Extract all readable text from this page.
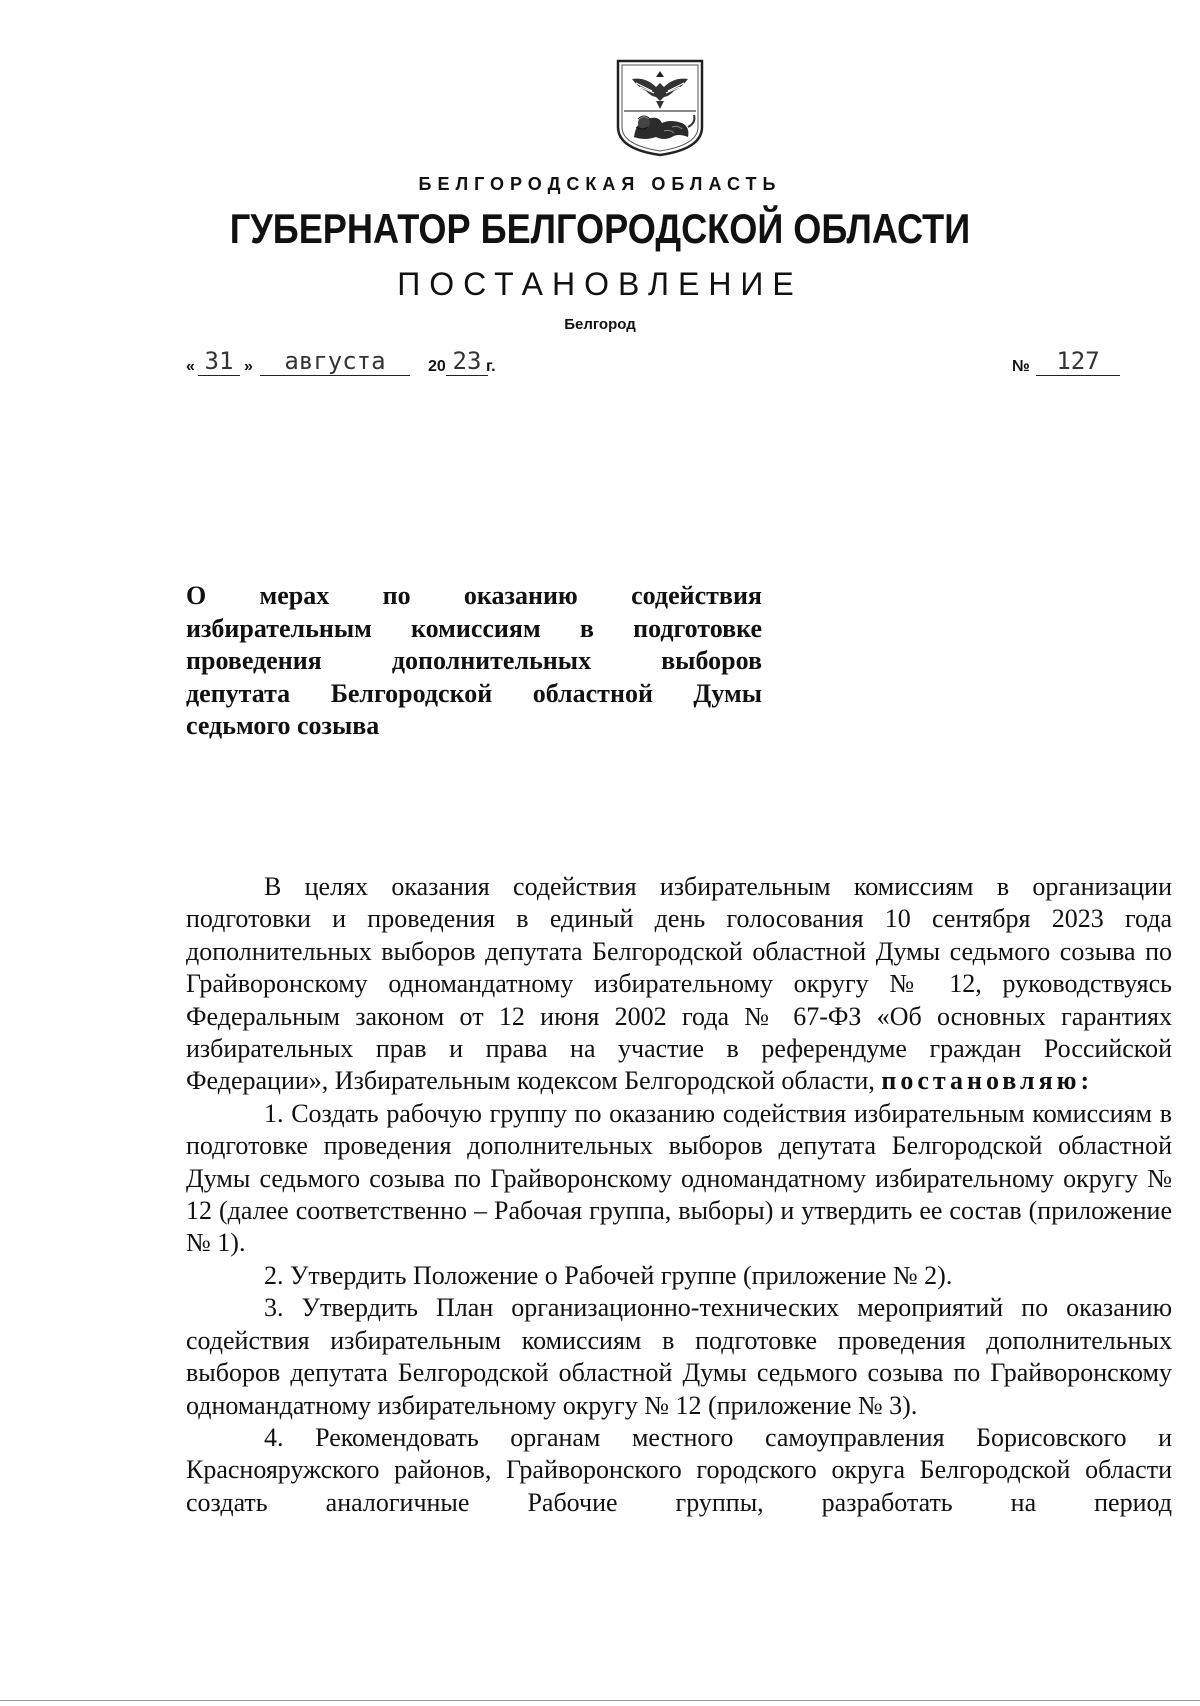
БЕЛГОРОДСКАЯ ОБЛАСТЬ
ГУБЕРНАТОР БЕЛГОРОДСКОЙ ОБЛАСТИ
ПОСТАНОВЛЕНИЕ
Белгород
« 31 »	августа	20 23 г.	№	127

О мерах по оказанию содействия

избирательным комиссиям в подготовке

проведения дополнительных выборов

депутата Белгородской областной Думы

седьмого созыва

В целях оказания содействия избирательным комиссиям в организации подготовки и проведения в единый день голосования 10 сентября 2023 года дополнительных выборов депутата Белгородской областной Думы седьмого созыва по Грайворонскому одномандатному избирательному округу № 12, руководствуясь Федеральным законом от 12 июня 2002 года № 67-ФЗ «Об основных гарантиях избирательных прав и права на участие в референдуме граждан Российской Федерации», Избирательным кодексом Белгородской области, постановляю:

1. Создать рабочую группу по оказанию содействия избирательным комиссиям в подготовке проведения дополнительных выборов депутата Белгородской областной Думы седьмого созыва по Грайворонскому одномандатному избирательному округу № 12 (далее соответственно – Рабочая группа, выборы) и утвердить ее состав (приложение № 1).

2. Утвердить Положение о Рабочей группе (приложение № 2).

3. Утвердить План организационно-технических мероприятий по оказанию содействия избирательным комиссиям в подготовке проведения дополнительных выборов депутата Белгородской областной Думы седьмого созыва по Грайворонскому одномандатному избирательному округу № 12 (приложение № 3).

4. Рекомендовать органам местного самоуправления Борисовского и Краснояружского районов, Грайворонского городского округа Белгородской области создать аналогичные Рабочие группы, разработать на период
